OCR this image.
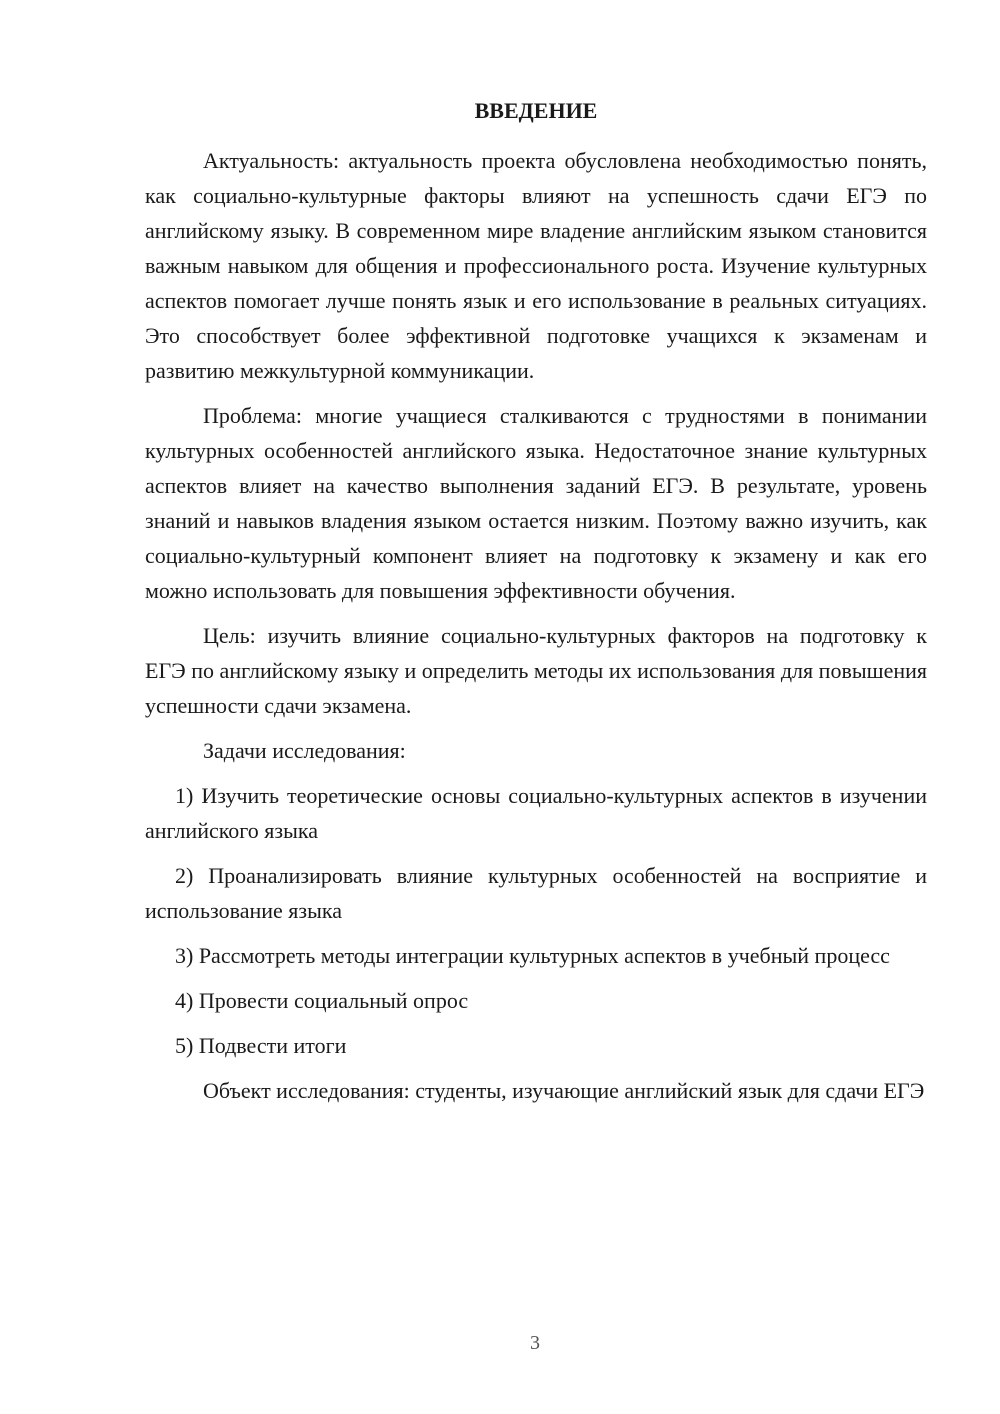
ВВЕДЕНИЕ

Актуальность: актуальность проекта обусловлена необходимостью понять, как социально-культурные факторы влияют на успешность сдачи ЕГЭ по английскому языку. В современном мире владение английским языком становится важным навыком для общения и профессионального роста. Изучение культурных аспектов помогает лучше понять язык и его использование в реальных ситуациях. Это способствует более эффективной подготовке учащихся к экзаменам и развитию межкультурной коммуникации.

Проблема: многие учащиеся сталкиваются с трудностями в понимании культурных особенностей английского языка. Недостаточное знание культурных аспектов влияет на качество выполнения заданий ЕГЭ. В результате, уровень знаний и навыков владения языком остается низким. Поэтому важно изучить, как социально-культурный компонент влияет на подготовку к экзамену и как его можно использовать для повышения эффективности обучения.

Цель: изучить влияние социально-культурных факторов на подготовку к ЕГЭ по английскому языку и определить методы их использования для повышения успешности сдачи экзамена.

Задачи исследования:

1) Изучить теоретические основы социально-культурных аспектов в изучении английского языка

2) Проанализировать влияние культурных особенностей на восприятие и использование языка

3) Рассмотреть методы интеграции культурных аспектов в учебный процесс

4) Провести социальный опрос

5) Подвести итоги

Объект исследования: студенты, изучающие английский язык для сдачи ЕГЭ

3
